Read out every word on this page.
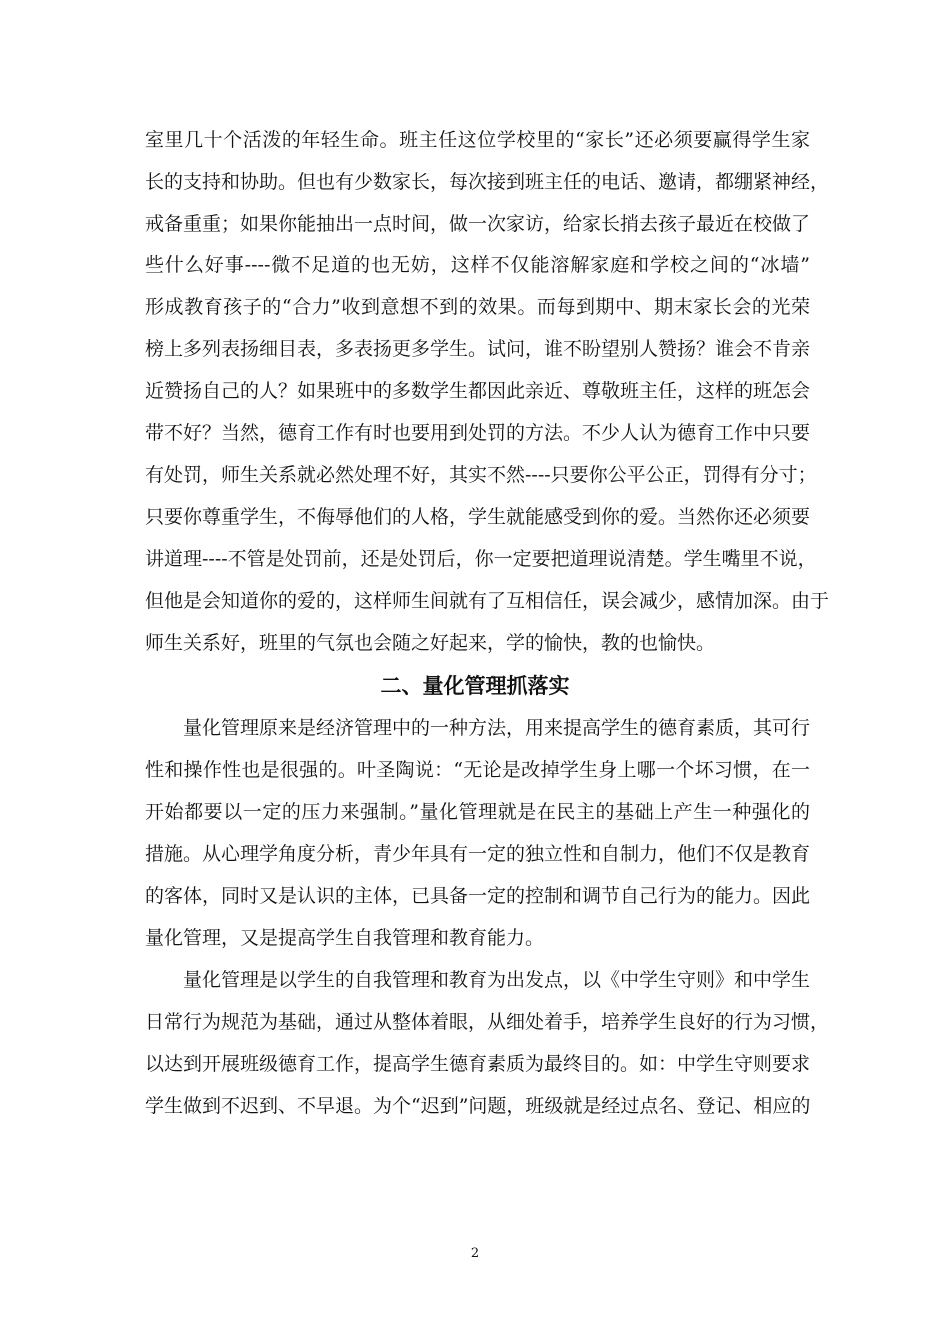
室里几十个活泼的年轻生命。班主任这位学校里的“家长”还必须要赢得学生家
长的支持和协助。但也有少数家长，每次接到班主任的电话、邀请，都绷紧神经，
戒备重重；如果你能抽出一点时间，做一次家访，给家长捎去孩子最近在校做了
些什么好事----微不足道的也无妨，这样不仅能溶解家庭和学校之间的“冰墙”
形成教育孩子的“合力”收到意想不到的效果。而每到期中、期末家长会的光荣
榜上多列表扬细目表，多表扬更多学生。试问，谁不盼望别人赞扬？谁会不肯亲
近赞扬自己的人？如果班中的多数学生都因此亲近、尊敬班主任，这样的班怎会
带不好？当然，德育工作有时也要用到处罚的方法。不少人认为德育工作中只要
有处罚，师生关系就必然处理不好，其实不然----只要你公平公正，罚得有分寸；
只要你尊重学生，不侮辱他们的人格，学生就能感受到你的爱。当然你还必须要
讲道理----不管是处罚前，还是处罚后，你一定要把道理说清楚。学生嘴里不说，
但他是会知道你的爱的，这样师生间就有了互相信任，误会减少，感情加深。由于
师生关系好，班里的气氛也会随之好起来，学的愉快，教的也愉快。
二、量化管理抓落实
　　量化管理原来是经济管理中的一种方法，用来提高学生的德育素质，其可行
性和操作性也是很强的。叶圣陶说：“无论是改掉学生身上哪一个坏习惯，在一
开始都要以一定的压力来强制。”量化管理就是在民主的基础上产生一种强化的
措施。从心理学角度分析，青少年具有一定的独立性和自制力，他们不仅是教育
的客体，同时又是认识的主体，已具备一定的控制和调节自己行为的能力。因此
量化管理，又是提高学生自我管理和教育能力。
　　量化管理是以学生的自我管理和教育为出发点，以《中学生守则》和中学生
日常行为规范为基础，通过从整体着眼，从细处着手，培养学生良好的行为习惯，
以达到开展班级德育工作，提高学生德育素质为最终目的。如：中学生守则要求
学生做到不迟到、不早退。为个“迟到”问题，班级就是经过点名、登记、相应的
2
